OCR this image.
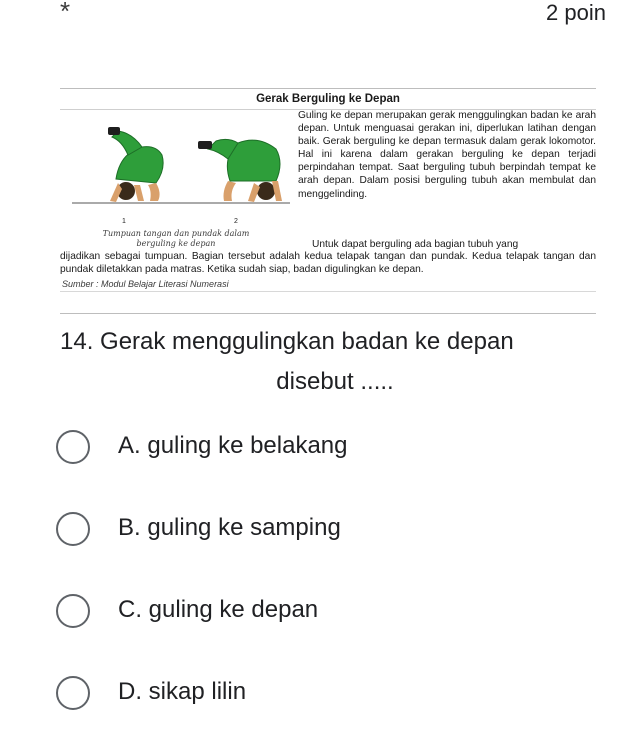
*	2 poin
Gerak Berguling ke Depan
1	2
Tumpuan tangan dan pundak dalam berguling ke depan
Guling ke depan merupakan gerak menggulingkan badan ke arah depan. Untuk menguasai gerakan ini, diperlukan latihan dengan baik. Gerak berguling ke depan termasuk dalam gerak lokomotor. Hal ini karena dalam gerakan berguling ke depan terjadi perpindahan tempat. Saat berguling tubuh berpindah tempat ke arah depan. Dalam posisi berguling tubuh akan membulat dan menggelinding.
Untuk dapat berguling ada bagian tubuh yang
dijadikan sebagai tumpuan. Bagian tersebut adalah kedua telapak tangan dan pundak. Kedua telapak tangan dan pundak diletakkan pada matras. Ketika sudah siap, badan digulingkan ke depan.
Sumber : Modul Belajar Literasi Numerasi
14. Gerak menggulingkan badan ke depan
disebut .....
A. guling ke belakang
B. guling ke samping
C. guling ke depan
D. sikap lilin
